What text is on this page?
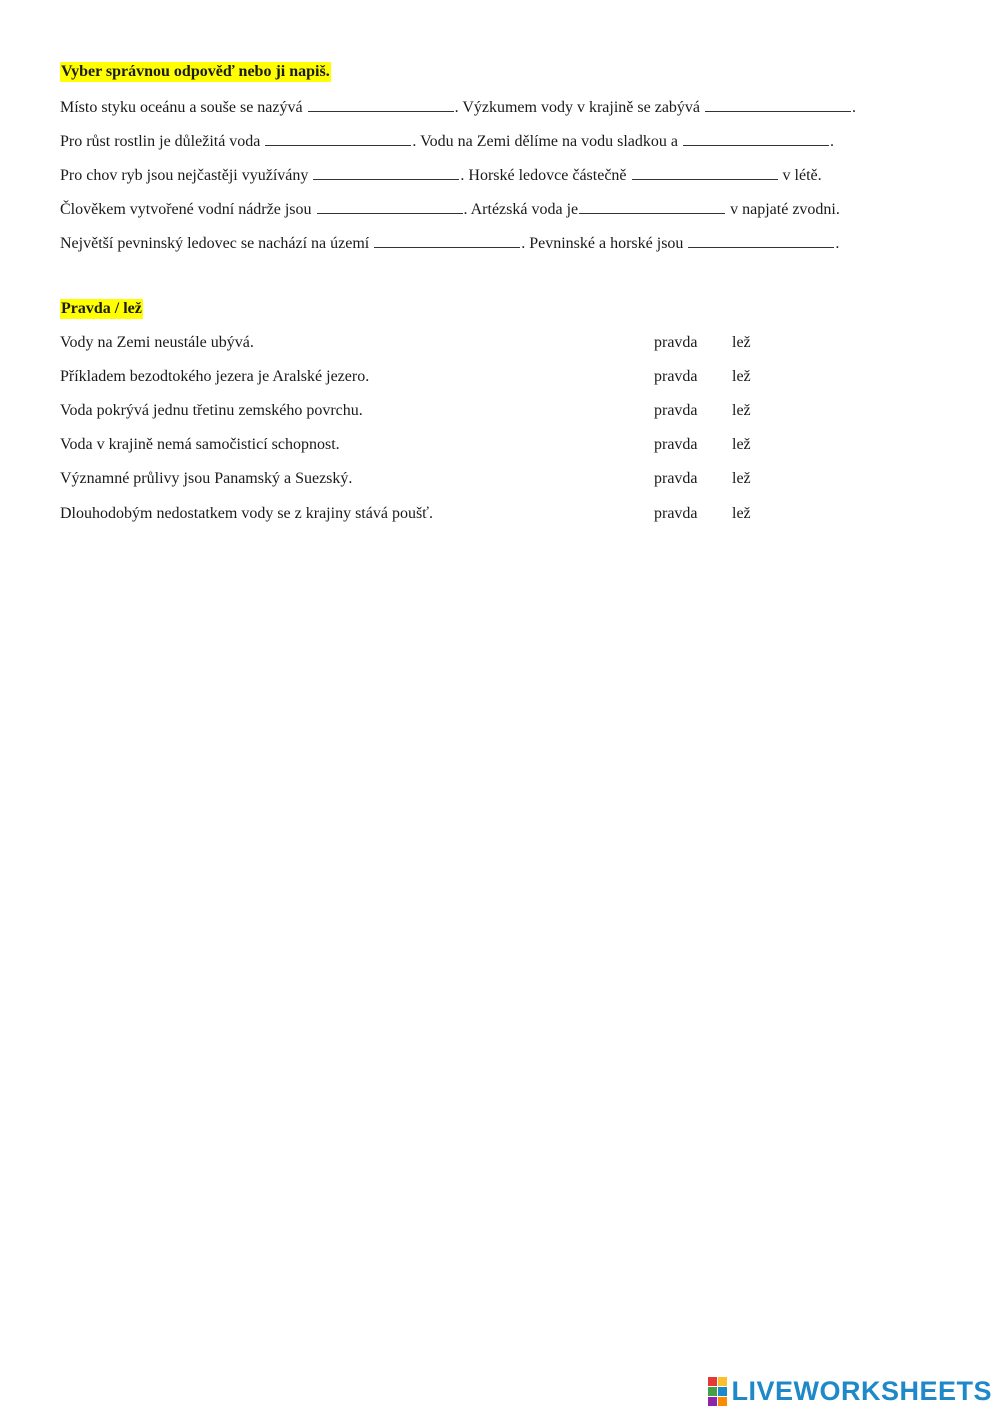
Vyber správnou odpověď nebo ji napiš.
Místo styku oceánu a souše se nazývá	. Výzkumem vody v krajině se zabývá	.
Pro růst rostlin je důležitá voda	. Vodu na Zemi dělíme na vodu sladkou a	.
Pro chov ryb jsou nejčastěji využívány	. Horské ledovce částečně	v létě.
Člověkem vytvořené vodní nádrže jsou	. Artézská voda je	v napjaté zvodni.
Největší pevninský ledovec se nachází na území	. Pevninské a horské jsou	.
Pravda / lež
Vody na Zemi neustále ubývá.	pravda lež
Příkladem bezodtokého jezera je Aralské jezero.	pravda lež
Voda pokrývá jednu třetinu zemského povrchu.	pravda lež
Voda v krajině nemá samočisticí schopnost.	pravda lež
Významné průlivy jsou Panamský a Suezský.	pravda lež
Dlouhodobým nedostatkem vody se z krajiny stává poušť.	pravda lež
LIVEWORKSHEETS
